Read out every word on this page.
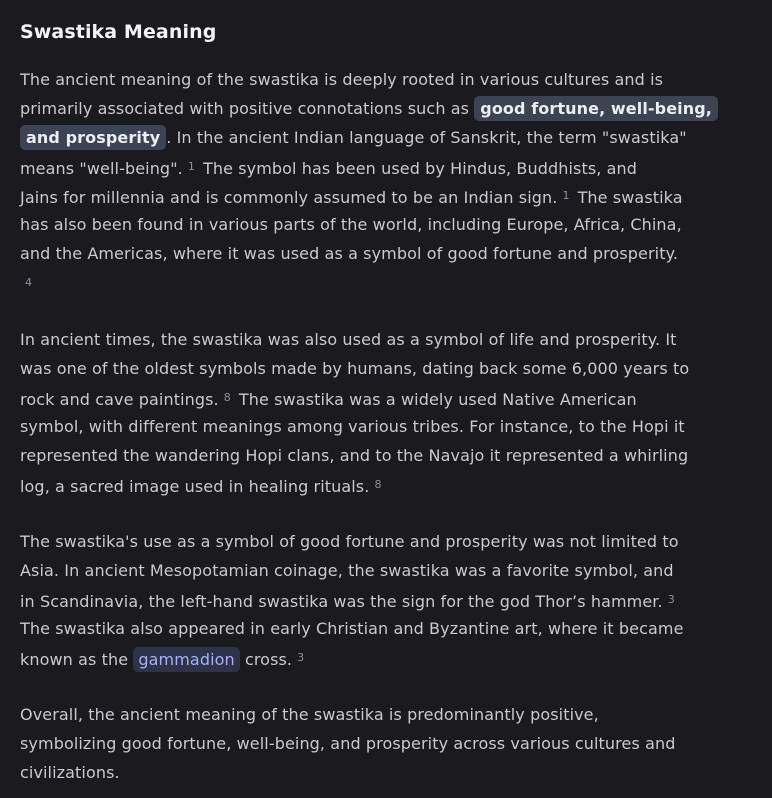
Swastika Meaning
The ancient meaning of the swastika is deeply rooted in various cultures and is
primarily associated with positive connotations such as good fortune, well-being,
and prosperity . In the ancient Indian language of Sanskrit, the term "swastika"
means "well-being". $^1$ The symbol has been used by Hindus, Buddhists, and
Jains for millennia and is commonly assumed to be an Indian sign. $^1$ The swastika
has also been found in various parts of the world, including Europe, Africa, China,
and the Americas, where it was used as a symbol of good fortune and prosperity.
$^4$
In ancient times, the swastika was also used as a symbol of life and prosperity. It
was one of the oldest symbols made by humans, dating back some 6,000 years to
rock and cave paintings. $^8$ The swastika was a widely used Native American
symbol, with different meanings among various tribes. For instance, to the Hopi it
represented the wandering Hopi clans, and to the Navajo it represented a whirling
log, a sacred image used in healing rituals. $^8$
The swastika's use as a symbol of good fortune and prosperity was not limited to
Asia. In ancient Mesopotamian coinage, the swastika was a favorite symbol, and
in Scandinavia, the left-hand swastika was the sign for the god Thor’s hammer. $^3$
The swastika also appeared in early Christian and Byzantine art, where it became
known as the gammadion cross. $^3$
Overall, the ancient meaning of the swastika is predominantly positive,
symbolizing good fortune, well-being, and prosperity across various cultures and
civilizations.
